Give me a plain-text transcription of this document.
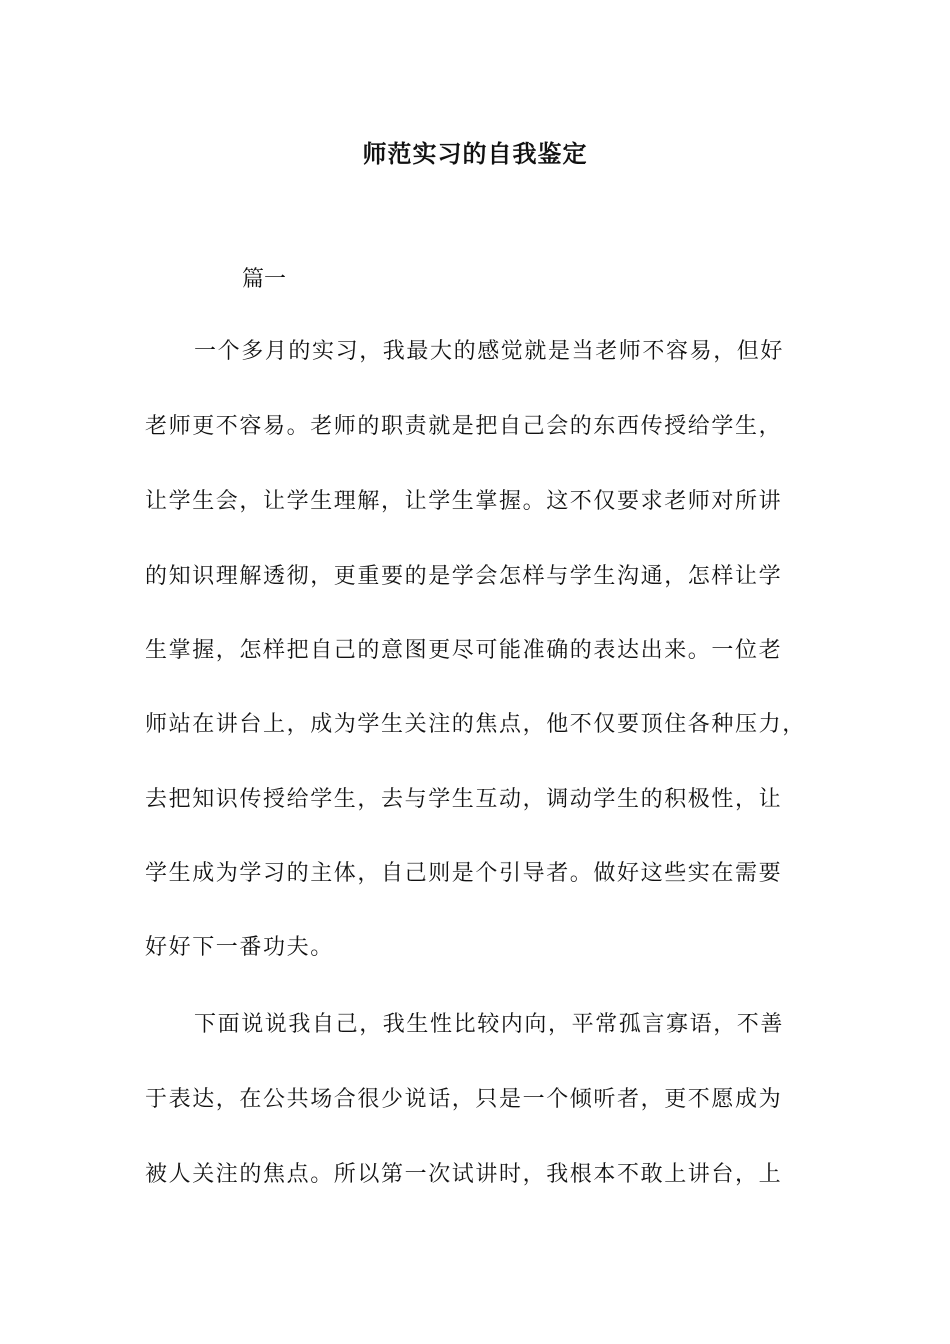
师范实习的自我鉴定
篇一
一个多月的实习，我最大的感觉就是当老师不容易，但好
老师更不容易。老师的职责就是把自己会的东西传授给学生，
让学生会，让学生理解，让学生掌握。这不仅要求老师对所讲
的知识理解透彻，更重要的是学会怎样与学生沟通，怎样让学
生掌握，怎样把自己的意图更尽可能准确的表达出来。一位老
师站在讲台上，成为学生关注的焦点，他不仅要顶住各种压力，
去把知识传授给学生，去与学生互动，调动学生的积极性，让
学生成为学习的主体，自己则是个引导者。做好这些实在需要
好好下一番功夫。
下面说说我自己，我生性比较内向，平常孤言寡语，不善
于表达，在公共场合很少说话，只是一个倾听者，更不愿成为
被人关注的焦点。所以第一次试讲时，我根本不敢上讲台，上
